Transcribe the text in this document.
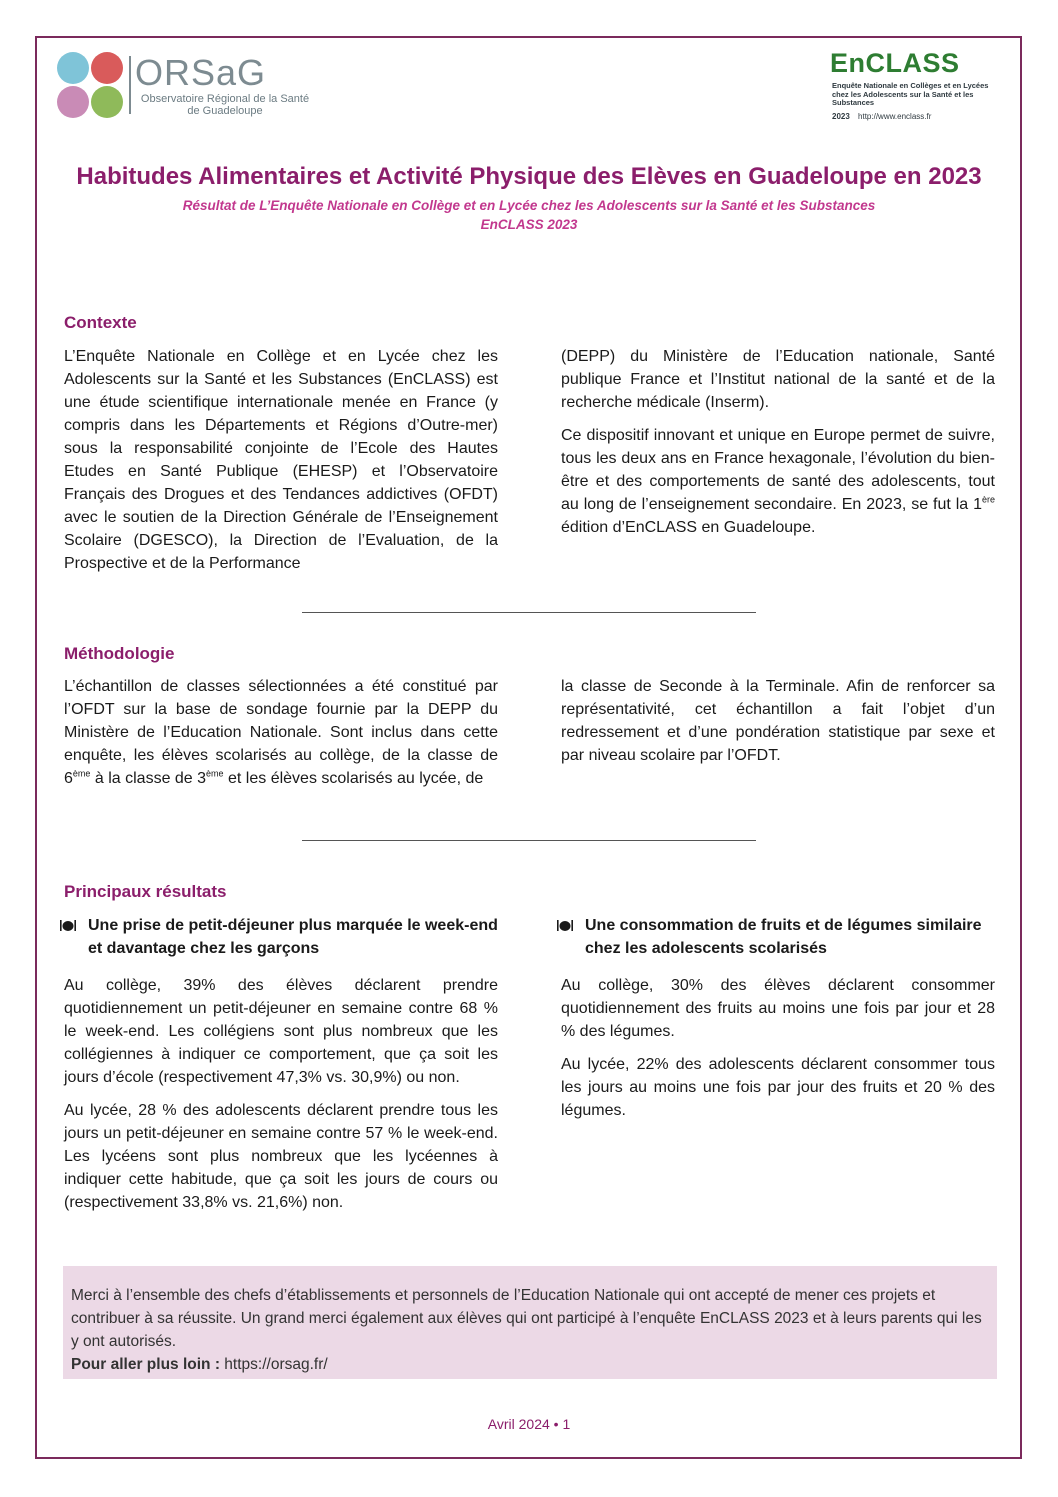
ORSaG
Observatoire Régional de la Santé
de Guadeloupe
EnCLASS
Enquête Nationale en Collèges et en Lycées
chez les Adolescents sur la Santé et les Substances
2023 http://www.enclass.fr
Habitudes Alimentaires et Activité Physique des Elèves en Guadeloupe en 2023
Résultat de L’Enquête Nationale en Collège et en Lycée chez les Adolescents sur la Santé et les Substances
EnCLASS 2023
Contexte

L’Enquête Nationale en Collège et en Lycée chez les Adolescents sur la Santé et les Substances (EnCLASS) est une étude scientifique internationale menée en France (y compris dans les Départements et Régions d’Outre-mer) sous la responsabilité conjointe de l’Ecole des Hautes Etudes en Santé Publique (EHESP) et l’Observatoire Français des Drogues et des Tendances addictives (OFDT) avec le soutien de la Direction Générale de l’Enseignement Scolaire (DGESCO), la Direction de l’Evaluation, de la Prospective et de la Performance

(DEPP) du Ministère de l’Education nationale, Santé publique France et l’Institut national de la santé et de la recherche médicale (Inserm).

Ce dispositif innovant et unique en Europe permet de suivre, tous les deux ans en France hexagonale, l’évolution du bien-être et des comportements de santé des adolescents, tout au long de l’enseignement secondaire. En 2023, se fut la 1ère édition d’EnCLASS en Guadeloupe.

Méthodologie

L’échantillon de classes sélectionnées a été constitué par l’OFDT sur la base de sondage fournie par la DEPP du Ministère de l’Education Nationale. Sont inclus dans cette enquête, les élèves scolarisés au collège, de la classe de 6ème à la classe de 3ème et les élèves scolarisés au lycée, de

la classe de Seconde à la Terminale. Afin de renforcer sa représentativité, cet échantillon a fait l’objet d’un redressement et d’une pondération statistique par sexe et par niveau scolaire par l’OFDT.

Principaux résultats
Une prise de petit-déjeuner plus marquée le week-end et davantage chez les garçons

Au collège, 39% des élèves déclarent prendre quotidiennement un petit-déjeuner en semaine contre 68 % le week-end. Les collégiens sont plus nombreux que les collégiennes à indiquer ce comportement, que ça soit les jours d’école (respectivement 47,3% vs. 30,9%) ou non.

Au lycée, 28 % des adolescents déclarent prendre tous les jours un petit-déjeuner en semaine contre 57 % le week-end. Les lycéens sont plus nombreux que les lycéennes à indiquer cette habitude, que ça soit les jours de cours ou (respectivement 33,8% vs. 21,6%) non.

Une consommation de fruits et de légumes similaire chez les adolescents scolarisés

Au collège, 30% des élèves déclarent consommer quotidiennement des fruits au moins une fois par jour et 28 % des légumes.

Au lycée, 22% des adolescents déclarent consommer tous les jours au moins une fois par jour des fruits et 20 % des légumes.

Merci à l’ensemble des chefs d’établissements et personnels de l’Education Nationale qui ont accepté de mener ces projets et contribuer à sa réussite. Un grand merci également aux élèves qui ont participé à l’enquête EnCLASS 2023 et à leurs parents qui les y ont autorisés.
Pour aller plus loin : https://orsag.fr/
Avril 2024 • 1
